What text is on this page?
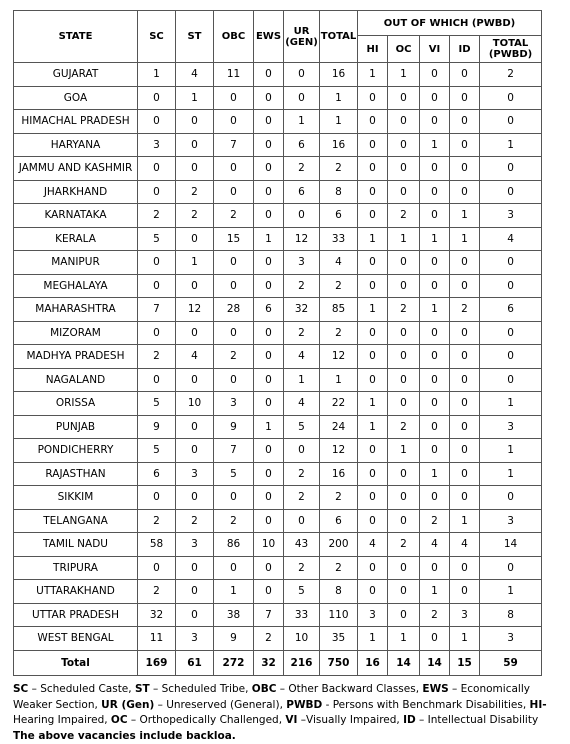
STATE	SC	ST	OBC	EWS	UR
(GEN)	TOTAL	OUT OF WHICH (PWBD)				
							HI	OC	VI	ID	TOTAL
(PWBD)
GUJARAT	1	4	11	0	0	16	1	1	0	0	2
GOA	0	1	0	0	0	1	0	0	0	0	0
HIMACHAL PRADESH	0	0	0	0	1	1	0	0	0	0	0
HARYANA	3	0	7	0	6	16	0	0	1	0	1
JAMMU AND KASHMIR	0	0	0	0	2	2	0	0	0	0	0
JHARKHAND	0	2	0	0	6	8	0	0	0	0	0
KARNATAKA	2	2	2	0	0	6	0	2	0	1	3
KERALA	5	0	15	1	12	33	1	1	1	1	4
MANIPUR	0	1	0	0	3	4	0	0	0	0	0
MEGHALAYA	0	0	0	0	2	2	0	0	0	0	0
MAHARASHTRA	7	12	28	6	32	85	1	2	1	2	6
MIZORAM	0	0	0	0	2	2	0	0	0	0	0
MADHYA PRADESH	2	4	2	0	4	12	0	0	0	0	0
NAGALAND	0	0	0	0	1	1	0	0	0	0	0
ORISSA	5	10	3	0	4	22	1	0	0	0	1
PUNJAB	9	0	9	1	5	24	1	2	0	0	3
PONDICHERRY	5	0	7	0	0	12	0	1	0	0	1
RAJASTHAN	6	3	5	0	2	16	0	0	1	0	1
SIKKIM	0	0	0	0	2	2	0	0	0	0	0
TELANGANA	2	2	2	0	0	6	0	0	2	1	3
TAMIL NADU	58	3	86	10	43	200	4	2	4	4	14
TRIPURA	0	0	0	0	2	2	0	0	0	0	0
UTTARAKHAND	2	0	1	0	5	8	0	0	1	0	1
UTTAR PRADESH	32	0	38	7	33	110	3	0	2	3	8
WEST BENGAL	11	3	9	2	10	35	1	1	0	1	3
Total	169	61	272	32	216	750	16	14	14	15	59
SC – Scheduled Caste, ST – Scheduled Tribe, OBC – Other Backward Classes, EWS – Economically Weaker Section, UR (Gen) – Unreserved (General), PWBD - Persons with Benchmark Disabilities, HI-Hearing Impaired, OC – Orthopedically Challenged, VI –Visually Impaired, ID – Intellectual Disability
The above vacancies include backloa.
